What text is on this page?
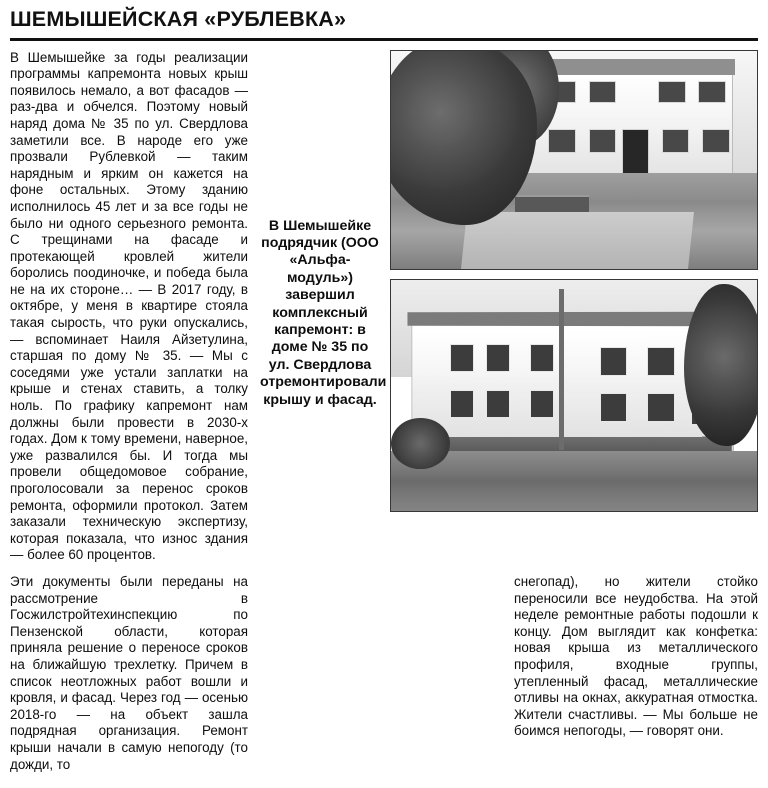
ШЕМЫШЕЙСКАЯ «РУБЛЕВКА»
В Шемышейке за годы реализации программы капремонта новых крыш появилось немало, а вот фасадов — раз-два и обчелся. Поэтому новый наряд дома № 35 по ул. Свердлова заметили все. В народе его уже прозвали Рублевкой — таким нарядным и ярким он кажется на фоне остальных. Этому зданию исполнилось 45 лет и за все годы не было ни одного серьезного ремонта. С трещинами на фасаде и протекающей кровлей жители боролись поодиночке, и победа была не на их стороне… — В 2017 году, в октябре, у меня в квартире стояла такая сырость, что руки опускались, — вспоминает Наиля Айзетулина, старшая по дому № 35. — Мы с соседями уже устали заплатки на крыше и стенах ставить, а толку ноль. По графику капремонт нам должны были провести в 2030-х годах. Дом к тому времени, наверное, уже развалился бы. И тогда мы провели общедомовое собрание, проголосовали за перенос сроков ремонта, оформили протокол. Затем заказали техническую экспертизу, которая показала, что износ здания — более 60 процентов.
В Шемышейке подрядчик (ООО «Альфа-модуль») завершил комплексный капремонт: в доме № 35 по ул. Свердлова отремонтировали крышу и фасад.

Эти документы были переданы на рассмотрение в Госжилстройтехинспекцию по Пензенской области, которая приняла решение о переносе сроков на ближайшую трехлетку. Причем в список неотложных работ вошли и кровля, и фасад. Через год — осенью 2018-го — на объект зашла подрядная организация. Ремонт крыши начали в самую непогоду (то дожди, то

снегопад), но жители стойко переносили все неудобства. На этой неделе ремонтные работы подошли к концу. Дом выглядит как конфетка: новая крыша из металлического профиля, входные группы, утепленный фасад, металлические отливы на окнах, аккуратная отмостка. Жители счастливы. — Мы больше не боимся непогоды, — говорят они.
